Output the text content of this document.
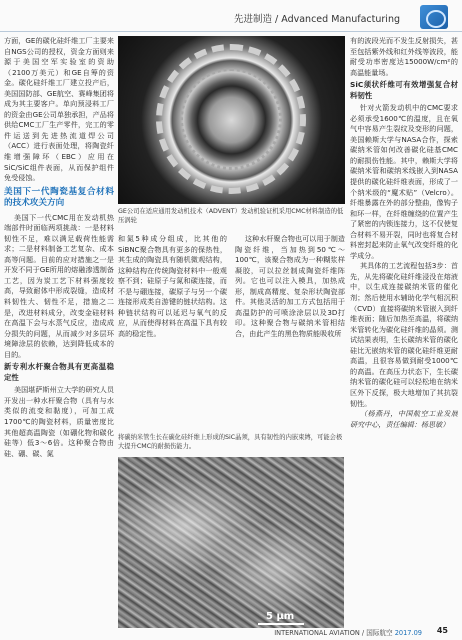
先进制造 / Advanced Manufacturing

方面，GE的碳化硅纤维工厂主要来自NGS公司的授权，资金方面则来源于美国空军实验室的资助（2100万美元）和GE自筹的资金。碳化硅纤维工厂建立投产后，美国国防部、GE航空、赛峰集团将成为其主要客户。单向预浸料工厂的资金由GE公司单独承担，产品将供给CMC工厂生产零件，完工的零件运送到先进热流道焊公司（ACC）进行表面处理，将陶瓷纤维增强障环（EBC）应用在SiC/SiC组件表面，从而保护组件免受侵蚀。

美国下一代陶瓷基复合材料的技术攻关方向

美国下一代CMC用在发动机热端部件时面临两项挑战：一是材料韧性不足，难以满足载荷性能需求；二是材料制备工艺复杂、成本高等问题。目前的应对措施之一是开发不同于GE所用的熔融渗透制备工艺，因为炭工艺下材料强度较高，导致耐体中形成裂缝，造成材料韧性大、韧性不足，措施之二是，改进材料成分，改变金硅材料在高温下会与水蒸气反应，造成成分损失的问题，从而减少对多层环境障涂层的依赖，达到降低成本的目的。

新专利水杆聚合物具有更高温稳定性

美国堪萨斯州立大学的研究人员开发出一种水杆聚合物（具有与水类似的流变和黏度），可加工成1700℃的陶瓷材料，质量密度比其他超高温陶瓷（如硼化物和碳化硅等）低3～6倍。这种聚合物由硅、硼、碳、氮

GE公司在适应通用发动机技术（ADVENT）发动机验证机采用CMC材料制造的低压涡轮

和氮5种成分组成，比其他的SiBNC聚合物具有更多的保热性，其生成的陶瓷具有随机微观结构，这种结构在传统陶瓷材料中一般观察不到；硅原子与氮和碳连接，而不是与硼连接，碳原子与另一个碳连接形成类自游键的链状结构。这种链状结构可以延迟与氧气的反应，从而使得材料在高温下具有较高的稳定性。

这种水杆聚合物也可以用于制造陶瓷纤维，当加热到50℃～100℃，该聚合物成为一种糊浆样凝胶，可以拉丝制成陶瓷纤维阵列。它也可以注入模具，加热成形，制成高精度、复杂形状陶瓷部件。其他灵活的加工方式包括用于高温防护的可喷涂涂层以及3D打印。这种聚合物与碳纳米管相结合，由此产生的黑色物质能吸收所

将碳纳米管生长在碳化硅纤维上形成的SiC晶须，具有韧性的内嵌束縛，可能会极大提升CMC的耐损伤能力。
5 μm

有的波段光而不发生反射损失，甚至包括紫外线和红外线等波段，能耐受功率密度达15000W/cm²的高温能量场。

SiC须状纤维可有效增强复合材料韧性

针对火箭发动机中的CMC要求必须承受1600℃的温度，且在氧气中容易产生裂纹及变形的问题，美国赖斯大学与NASA合作，探索碳纳米管如何改善碳化硅基CMC的耐损伤性能。其中，赖斯大学将碳纳米管和碳纳米线嵌入到NASA提供的碳化硅纤维表面，形成了一个纳米级的“魔术贴”（Velcro）。纤维暴露在外的部分整曲，像钩子和环一样，在纤维缠绕的位置产生了紧密的内锁连接力，这不仅使复合材料不易开裂，同时也将复合材料密封起来防止氧气改变纤维的化学成分。

其具体的工艺流程包括3步：首先，从先将碳化硅纤维浸没在熔液中，以生成连接碳纳米管的催化剂；然后使用水辅助化学气相沉积（CVD）直接将碳纳米管嵌入到纤维表面；随后加热至高温，将碳纳米管转化为碳化硅纤维的晶须。测试结果表明，生长碳纳米管的碳化硅比无嵌纳米管的碳化硅纤维更耐高温，且很容易做到耐受1000℃的高温。在高压力状态下，生长碳纳米管的碳化硅可以轻松地在纳米区外下反探，极大地增加了其抗裂韧性。

（杨燕丹，中国航空工业发展研究中心，责任编辑：杨思敏）

INTERNATIONAL AVIATION / 国际航空 2017.09 45
